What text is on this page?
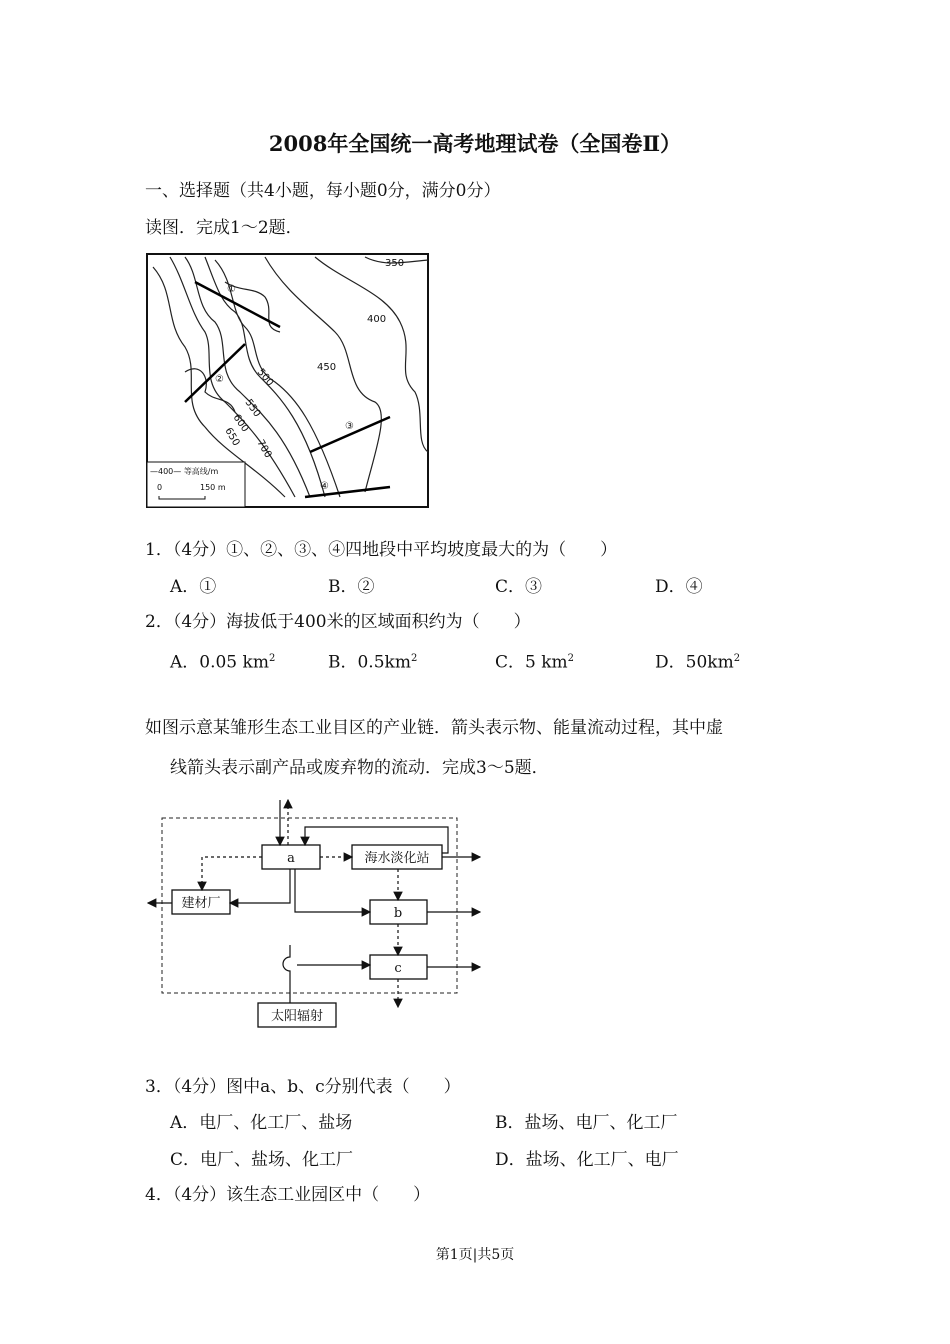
2008年全国统一高考地理试卷（全国卷Ⅱ）
一、选择题（共4小题，每小题0分，满分0分）
读图．完成1～2题．
①
②
③
④
350
400
450
500
550
600
650
700
—400— 等高线/m
0	150 m
1．（4分）①、②、③、④四地段中平均坡度最大的为（　　）
A．①	B．②	C．③	D．④
2．（4分）海拔低于400米的区域面积约为（　　）
A．0.05 $km^2$	B．$0.5km^2$	C．5 $km^2$	D．$50km^2$
如图示意某雏形生态工业目区的产业链．箭头表示物、能量流动过程，其中虚
线箭头表示副产品或废弃物的流动．完成3～5题．
a	海水淡化站
b
c
建材厂
太阳辐射
3．（4分）图中a、b、c分别代表（　　）
A．电厂、化工厂、盐场	B．盐场、电厂、化工厂
C．电厂、盐场、化工厂	D．盐场、化工厂、电厂
4．（4分）该生态工业园区中（　　）
第1页|共5页
